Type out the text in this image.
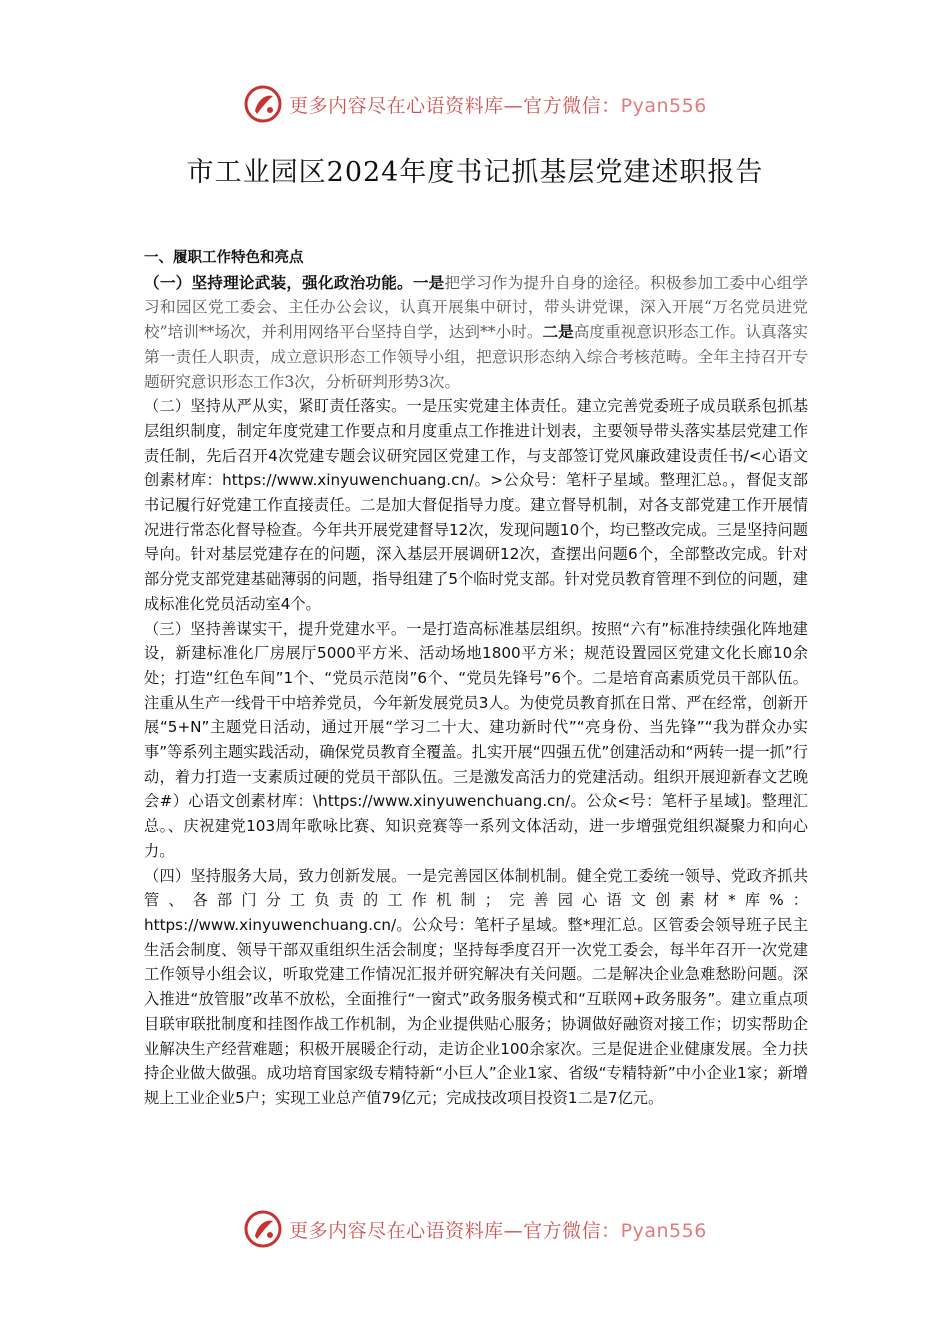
更多内容尽在心语资料库—官方微信：Pyan556
市工业园区2024年度书记抓基层党建述职报告

一、履职工作特色和亮点

（一）坚持理论武装，强化政治功能。一是把学习作为提升自身的途径。积极参加工委中心组学习和园区党工委会、主任办公会议，认真开展集中研讨，带头讲党课，深入开展“万名党员进党校”培训**场次，并利用网络平台坚持自学，达到**小时。二是高度重视意识形态工作。认真落实第一责任人职责，成立意识形态工作领导小组，把意识形态纳入综合考核范畴。全年主持召开专题研究意识形态工作3次，分析研判形势3次。

（二）坚持从严从实，紧盯责任落实。一是压实党建主体责任。建立完善党委班子成员联系包抓基层组织制度，制定年度党建工作要点和月度重点工作推进计划表，主要领导带头落实基层党建工作责任制，先后召开4次党建专题会议研究园区党建工作，与支部签订党风廉政建设责任书/<心语文创素材库：https://www.xinyuwenchuang.cn/。>公众号：笔杆子星域。整理汇总。，督促支部书记履行好党建工作直接责任。二是加大督促指导力度。建立督导机制，对各支部党建工作开展情况进行常态化督导检查。今年共开展党建督导12次，发现问题10个，均已整改完成。三是坚持问题导向。针对基层党建存在的问题，深入基层开展调研12次，查摆出问题6个，全部整改完成。针对部分党支部党建基础薄弱的问题，指导组建了5个临时党支部。针对党员教育管理不到位的问题，建成标准化党员活动室4个。

（三）坚持善谋实干，提升党建水平。一是打造高标准基层组织。按照“六有”标准持续强化阵地建设，新建标准化厂房展厅5000平方米、活动场地1800平方米；规范设置园区党建文化长廊10余处；打造“红色车间”1个、“党员示范岗”6个、“党员先锋号”6个。二是培育高素质党员干部队伍。注重从生产一线骨干中培养党员，今年新发展党员3人。为使党员教育抓在日常、严在经常，创新开展“5+N”主题党日活动，通过开展“学习二十大、建功新时代”“亮身份、当先锋”“我为群众办实事”等系列主题实践活动，确保党员教育全覆盖。扎实开展“四强五优”创建活动和“两转一提一抓”行动，着力打造一支素质过硬的党员干部队伍。三是激发高活力的党建活动。组织开展迎新春文艺晚会#）心语文创素材库：\https://www.xinyuwenchuang.cn/。公众<号：笔杆子星域]。整理汇总。、庆祝建党103周年歌咏比赛、知识竞赛等一系列文体活动，进一步增强党组织凝聚力和向心力。

（四）坚持服务大局，致力创新发展。一是完善园区体制机制。健全党工委统一领导、党政齐抓共管、各部门分工负责的工作机制；完善园心语文创素材*库%：https://www.xinyuwenchuang.cn/。公众号：笔杆子星域。整*理汇总。区管委会领导班子民主生活会制度、领导干部双重组织生活会制度；坚持每季度召开一次党工委会，每半年召开一次党建工作领导小组会议，听取党建工作情况汇报并研究解决有关问题。二是解决企业急难愁盼问题。深入推进“放管服”改革不放松，全面推行“一窗式”政务服务模式和“互联网+政务服务”。建立重点项目联审联批制度和挂图作战工作机制，为企业提供贴心服务；协调做好融资对接工作；切实帮助企业解决生产经营难题；积极开展暖企行动，走访企业100余家次。三是促进企业健康发展。全力扶持企业做大做强。成功培育国家级专精特新“小巨人”企业1家、省级“专精特新”中小企业1家；新增规上工业企业5户；实现工业总产值79亿元；完成技改项目投资1二是7亿元。

更多内容尽在心语资料库—官方微信：Pyan556
